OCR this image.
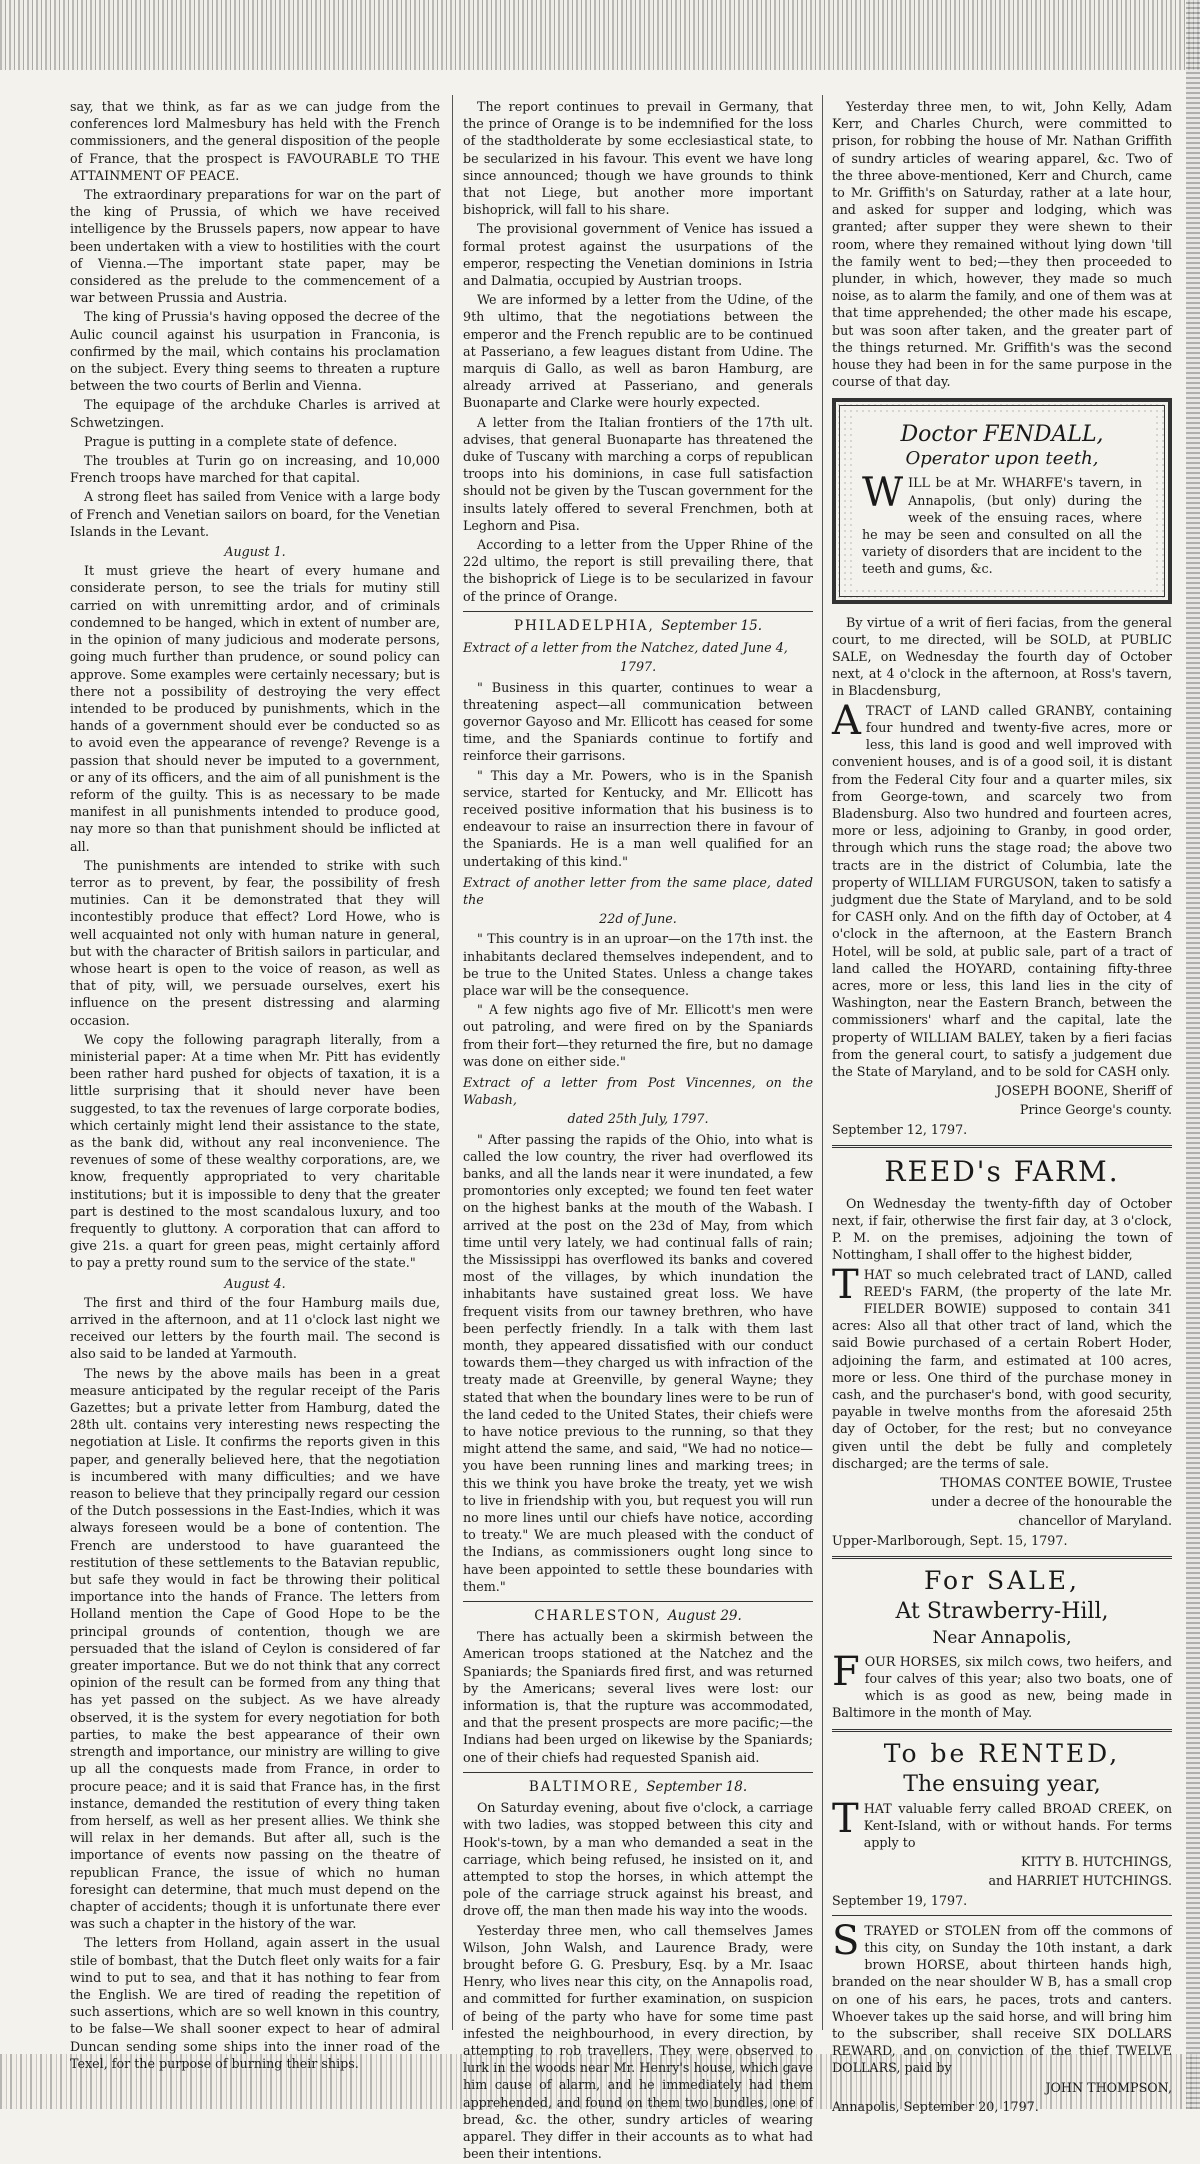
say, that we think, as far as we can judge from the conferences lord Malmesbury has held with the French commissioners, and the general disposition of the people of France, that the prospect is FAVOURABLE TO THE ATTAINMENT OF PEACE.

The extraordinary preparations for war on the part of the king of Prussia, of which we have received intelligence by the Brussels papers, now appear to have been undertaken with a view to hostilities with the court of Vienna.—The important state paper, may be considered as the prelude to the commencement of a war between Prussia and Austria.

The king of Prussia's having opposed the decree of the Aulic council against his usurpation in Franconia, is confirmed by the mail, which contains his proclamation on the subject. Every thing seems to threaten a rupture between the two courts of Berlin and Vienna.

The equipage of the archduke Charles is arrived at Schwetzingen.

Prague is putting in a complete state of defence.

The troubles at Turin go on increasing, and 10,000 French troops have marched for that capital.

A strong fleet has sailed from Venice with a large body of French and Venetian sailors on board, for the Venetian Islands in the Levant.

August 1.

It must grieve the heart of every humane and considerate person, to see the trials for mutiny still carried on with unremitting ardor, and of criminals condemned to be hanged, which in extent of number are, in the opinion of many judicious and moderate persons, going much further than prudence, or sound policy can approve. Some examples were certainly necessary; but is there not a possibility of destroying the very effect intended to be produced by punishments, which in the hands of a government should ever be conducted so as to avoid even the appearance of revenge? Revenge is a passion that should never be imputed to a government, or any of its officers, and the aim of all punishment is the reform of the guilty. This is as necessary to be made manifest in all punishments intended to produce good, nay more so than that punishment should be inflicted at all.

The punishments are intended to strike with such terror as to prevent, by fear, the possibility of fresh mutinies. Can it be demonstrated that they will incontestibly produce that effect? Lord Howe, who is well acquainted not only with human nature in general, but with the character of British sailors in particular, and whose heart is open to the voice of reason, as well as that of pity, will, we persuade ourselves, exert his influence on the present distressing and alarming occasion.

We copy the following paragraph literally, from a ministerial paper: At a time when Mr. Pitt has evidently been rather hard pushed for objects of taxation, it is a little surprising that it should never have been suggested, to tax the revenues of large corporate bodies, which certainly might lend their assistance to the state, as the bank did, without any real inconvenience. The revenues of some of these wealthy corporations, are, we know, frequently appropriated to very charitable institutions; but it is impossible to deny that the greater part is destined to the most scandalous luxury, and too frequently to gluttony. A corporation that can afford to give 21s. a quart for green peas, might certainly afford to pay a pretty round sum to the service of the state."

August 4.

The first and third of the four Hamburg mails due, arrived in the afternoon, and at 11 o'clock last night we received our letters by the fourth mail. The second is also said to be landed at Yarmouth.

The news by the above mails has been in a great measure anticipated by the regular receipt of the Paris Gazettes; but a private letter from Hamburg, dated the 28th ult. contains very interesting news respecting the negotiation at Lisle. It confirms the reports given in this paper, and generally believed here, that the negotiation is incumbered with many difficulties; and we have reason to believe that they principally regard our cession of the Dutch possessions in the East-Indies, which it was always foreseen would be a bone of contention. The French are understood to have guaranteed the restitution of these settlements to the Batavian republic, but safe they would in fact be throwing their political importance into the hands of France. The letters from Holland mention the Cape of Good Hope to be the principal grounds of contention, though we are persuaded that the island of Ceylon is considered of far greater importance. But we do not think that any correct opinion of the result can be formed from any thing that has yet passed on the subject. As we have already observed, it is the system for every negotiation for both parties, to make the best appearance of their own strength and importance, our ministry are willing to give up all the conquests made from France, in order to procure peace; and it is said that France has, in the first instance, demanded the restitution of every thing taken from herself, as well as her present allies. We think she will relax in her demands. But after all, such is the importance of events now passing on the theatre of republican France, the issue of which no human foresight can determine, that much must depend on the chapter of accidents; though it is unfortunate there ever was such a chapter in the history of the war.

The letters from Holland, again assert in the usual stile of bombast, that the Dutch fleet only waits for a fair wind to put to sea, and that it has nothing to fear from the English. We are tired of reading the repetition of such assertions, which are so well known in this country, to be false—We shall sooner expect to hear of admiral Duncan sending some ships into the inner road of the Texel, for the purpose of burning their ships.

The report continues to prevail in Germany, that the prince of Orange is to be indemnified for the loss of the stadtholderate by some ecclesiastical state, to be secularized in his favour. This event we have long since announced; though we have grounds to think that not Liege, but another more important bishoprick, will fall to his share.

The provisional government of Venice has issued a formal protest against the usurpations of the emperor, respecting the Venetian dominions in Istria and Dalmatia, occupied by Austrian troops.

We are informed by a letter from the Udine, of the 9th ultimo, that the negotiations between the emperor and the French republic are to be continued at Passeriano, a few leagues distant from Udine. The marquis di Gallo, as well as baron Hamburg, are already arrived at Passeriano, and generals Buonaparte and Clarke were hourly expected.

A letter from the Italian frontiers of the 17th ult. advises, that general Buonaparte has threatened the duke of Tuscany with marching a corps of republican troops into his dominions, in case full satisfaction should not be given by the Tuscan government for the insults lately offered to several Frenchmen, both at Leghorn and Pisa.

According to a letter from the Upper Rhine of the 22d ultimo, the report is still prevailing there, that the bishoprick of Liege is to be secularized in favour of the prince of Orange.

PHILADELPHIA, September 15.

Extract of a letter from the Natchez, dated June 4,

1797.

" Business in this quarter, continues to wear a threatening aspect—all communication between governor Gayoso and Mr. Ellicott has ceased for some time, and the Spaniards continue to fortify and reinforce their garrisons.

" This day a Mr. Powers, who is in the Spanish service, started for Kentucky, and Mr. Ellicott has received positive information that his business is to endeavour to raise an insurrection there in favour of the Spaniards. He is a man well qualified for an undertaking of this kind."

Extract of another letter from the same place, dated the

22d of June.

" This country is in an uproar—on the 17th inst. the inhabitants declared themselves independent, and to be true to the United States. Unless a change takes place war will be the consequence.

" A few nights ago five of Mr. Ellicott's men were out patroling, and were fired on by the Spaniards from their fort—they returned the fire, but no damage was done on either side."

Extract of a letter from Post Vincennes, on the Wabash,

dated 25th July, 1797.

" After passing the rapids of the Ohio, into what is called the low country, the river had overflowed its banks, and all the lands near it were inundated, a few promontories only excepted; we found ten feet water on the highest banks at the mouth of the Wabash. I arrived at the post on the 23d of May, from which time until very lately, we had continual falls of rain; the Mississippi has overflowed its banks and covered most of the villages, by which inundation the inhabitants have sustained great loss. We have frequent visits from our tawney brethren, who have been perfectly friendly. In a talk with them last month, they appeared dissatisfied with our conduct towards them—they charged us with infraction of the treaty made at Greenville, by general Wayne; they stated that when the boundary lines were to be run of the land ceded to the United States, their chiefs were to have notice previous to the running, so that they might attend the same, and said, "We had no notice—you have been running lines and marking trees; in this we think you have broke the treaty, yet we wish to live in friendship with you, but request you will run no more lines until our chiefs have notice, according to treaty." We are much pleased with the conduct of the Indians, as commissioners ought long since to have been appointed to settle these boundaries with them."

CHARLESTON, August 29.

There has actually been a skirmish between the American troops stationed at the Natchez and the Spaniards; the Spaniards fired first, and was returned by the Americans; several lives were lost: our information is, that the rupture was accommodated, and that the present prospects are more pacific;—the Indians had been urged on likewise by the Spaniards; one of their chiefs had requested Spanish aid.

BALTIMORE, September 18.

On Saturday evening, about five o'clock, a carriage with two ladies, was stopped between this city and Hook's-town, by a man who demanded a seat in the carriage, which being refused, he insisted on it, and attempted to stop the horses, in which attempt the pole of the carriage struck against his breast, and drove off, the man then made his way into the woods.

Yesterday three men, who call themselves James Wilson, John Walsh, and Laurence Brady, were brought before G. G. Presbury, Esq. by a Mr. Isaac Henry, who lives near this city, on the Annapolis road, and committed for further examination, on suspicion of being of the party who have for some time past infested the neighbourhood, in every direction, by attempting to rob travellers. They were observed to lurk in the woods near Mr. Henry's house, which gave him cause of alarm, and he immediately had them apprehended, and found on them two bundles, one of bread, &c. the other, sundry articles of wearing apparel. They differ in their accounts as to what had been their intentions.

Yesterday three men, to wit, John Kelly, Adam Kerr, and Charles Church, were committed to prison, for robbing the house of Mr. Nathan Griffith of sundry articles of wearing apparel, &c. Two of the three above-mentioned, Kerr and Church, came to Mr. Griffith's on Saturday, rather at a late hour, and asked for supper and lodging, which was granted; after supper they were shewn to their room, where they remained without lying down 'till the family went to bed;—they then proceeded to plunder, in which, however, they made so much noise, as to alarm the family, and one of them was at that time apprehended; the other made his escape, but was soon after taken, and the greater part of the things returned. Mr. Griffith's was the second house they had been in for the same purpose in the course of that day.

Doctor FENDALL,
Operator upon teeth,

WILL be at Mr. WHARFE's tavern, in Annapolis, (but only) during the week of the ensuing races, where he may be seen and consulted on all the variety of disorders that are incident to the teeth and gums, &c.

By virtue of a writ of fieri facias, from the general court, to me directed, will be SOLD, at PUBLIC SALE, on Wednesday the fourth day of October next, at 4 o'clock in the afternoon, at Ross's tavern, in Blacdensburg,

ATRACT of LAND called GRANBY, containing four hundred and twenty-five acres, more or less, this land is good and well improved with convenient houses, and is of a good soil, it is distant from the Federal City four and a quarter miles, six from George-town, and scarcely two from Bladensburg. Also two hundred and fourteen acres, more or less, adjoining to Granby, in good order, through which runs the stage road; the above two tracts are in the district of Columbia, late the property of WILLIAM FURGUSON, taken to satisfy a judgment due the State of Maryland, and to be sold for CASH only. And on the fifth day of October, at 4 o'clock in the afternoon, at the Eastern Branch Hotel, will be sold, at public sale, part of a tract of land called the HOYARD, containing fifty-three acres, more or less, this land lies in the city of Washington, near the Eastern Branch, between the commissioners' wharf and the capital, late the property of WILLIAM BALEY, taken by a fieri facias from the general court, to satisfy a judgement due the State of Maryland, and to be sold for CASH only.

JOSEPH BOONE, Sheriff of
Prince George's county.

September 12, 1797.

REED's FARM.

On Wednesday the twenty-fifth day of October next, if fair, otherwise the first fair day, at 3 o'clock, P. M. on the premises, adjoining the town of Nottingham, I shall offer to the highest bidder,

THAT so much celebrated tract of LAND, called REED's FARM, (the property of the late Mr. FIELDER BOWIE) supposed to contain 341 acres: Also all that other tract of land, which the said Bowie purchased of a certain Robert Hoder, adjoining the farm, and estimated at 100 acres, more or less. One third of the purchase money in cash, and the purchaser's bond, with good security, payable in twelve months from the aforesaid 25th day of October, for the rest; but no conveyance given until the debt be fully and completely discharged; are the terms of sale.

THOMAS CONTEE BOWIE, Trustee
under a decree of the honourable the
chancellor of Maryland.

Upper-Marlborough, Sept. 15, 1797.

For SALE,
At Strawberry-Hill,
Near Annapolis,

FOUR HORSES, six milch cows, two heifers, and four calves of this year; also two boats, one of which is as good as new, being made in Baltimore in the month of May.

To be RENTED,
The ensuing year,

THAT valuable ferry called BROAD CREEK, on Kent-Island, with or without hands. For terms apply to

KITTY B. HUTCHINGS,
and HARRIET HUTCHINGS.

September 19, 1797.

STRAYED or STOLEN from off the commons of this city, on Sunday the 10th instant, a dark brown HORSE, about thirteen hands high, branded on the near shoulder W B, has a small crop on one of his ears, he paces, trots and canters. Whoever takes up the said horse, and will bring him to the subscriber, shall receive SIX DOLLARS REWARD, and on conviction of the thief TWELVE DOLLARS, paid by

JOHN THOMPSON,

Annapolis, September 20, 1797.
